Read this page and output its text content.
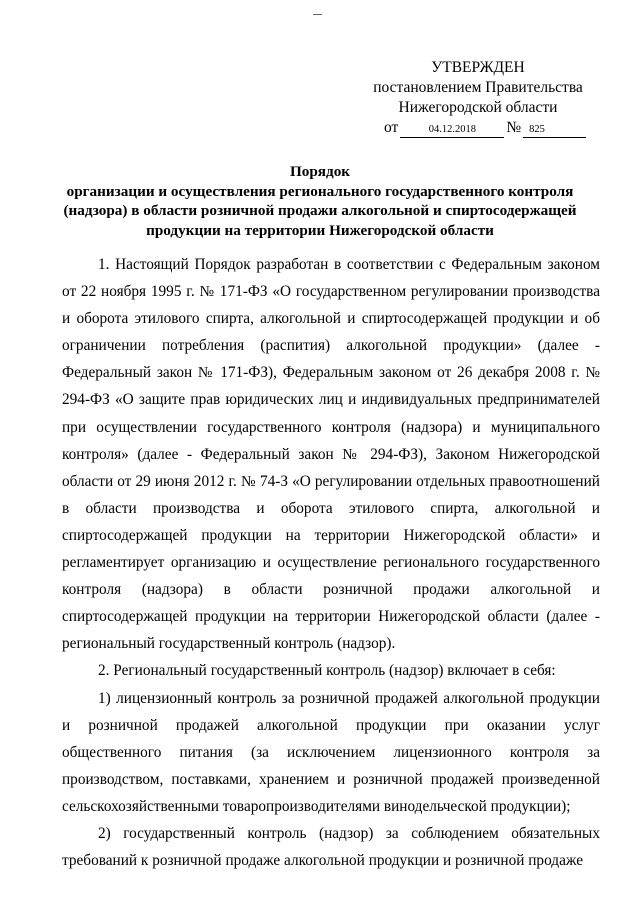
УТВЕРЖДЕН
постановлением Правительства
Нижегородской области
от	04.12.2018	№ 825
Порядок
организации и осуществления регионального государственного контроля
(надзора) в области розничной продажи алкогольной и спиртосодержащей
продукции на территории Нижегородской области

1. Настоящий Порядок разработан в соответствии с Федеральным законом от 22 ноября 1995 г. № 171-ФЗ «О государственном регулировании производства и оборота этилового спирта, алкогольной и спиртосодержащей продукции и об ограничении потребления (распития) алкогольной продукции» (далее - Федеральный закон № 171-ФЗ), Федеральным законом от 26 декабря 2008 г. № 294-ФЗ «О защите прав юридических лиц и индивидуальных предпринимателей при осуществлении государственного контроля (надзора) и муниципального контроля» (далее - Федеральный закон № 294-ФЗ), Законом Нижегородской области от 29 июня 2012 г. № 74-З «О регулировании отдельных правоотношений в области производства и оборота этилового спирта, алкогольной и спиртосодержащей продукции на территории Нижегородской области» и регламентирует организацию и осуществление регионального государственного контроля (надзора) в области розничной продажи алкогольной и спиртосодержащей продукции на территории Нижегородской области (далее - региональный государственный контроль (надзор).

2. Региональный государственный контроль (надзор) включает в себя:

1) лицензионный контроль за розничной продажей алкогольной продукции и розничной продажей алкогольной продукции при оказании услуг общественного питания (за исключением лицензионного контроля за производством, поставками, хранением и розничной продажей произведенной сельскохозяйственными товаропроизводителями винодельческой продукции);

2) государственный контроль (надзор) за соблюдением обязательных требований к розничной продаже алкогольной продукции и розничной продаже
